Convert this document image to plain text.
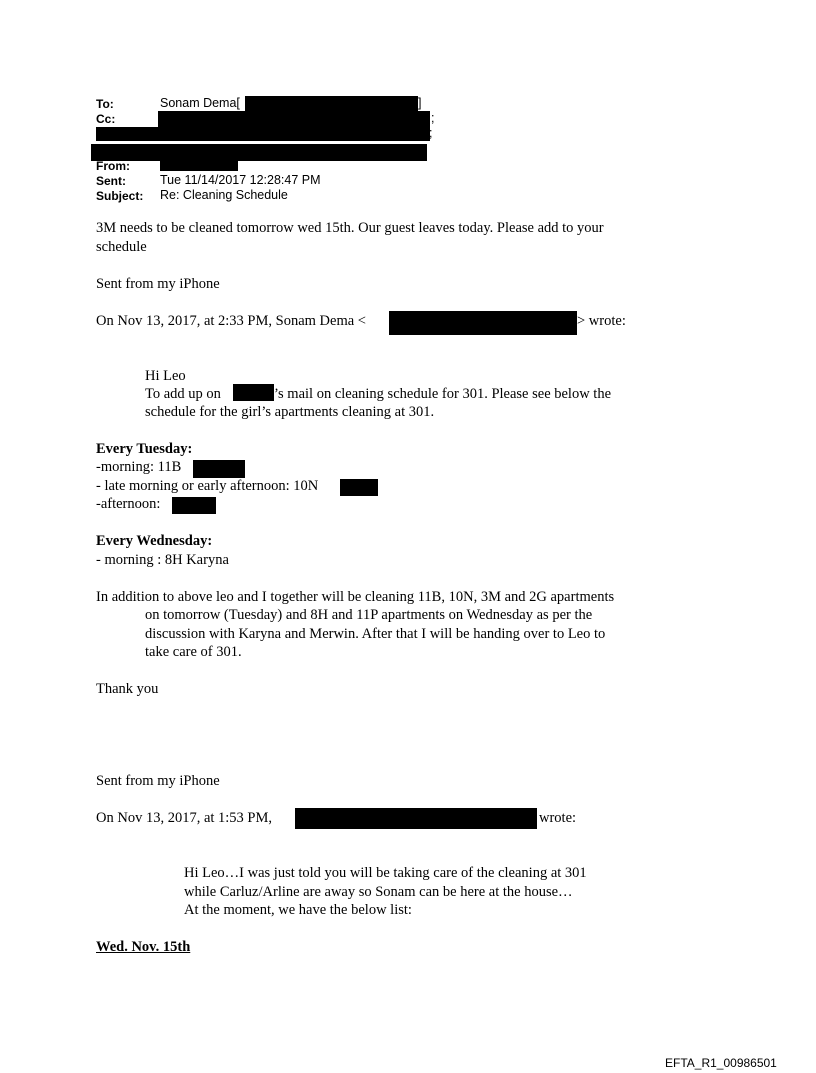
To:	Sonam Dema[	]
Cc:	;
;
From:
Sent:	Tue 11/14/2017 12:28:47 PM
Subject: Re: Cleaning Schedule
3M needs to be cleaned tomorrow wed 15th. Our guest leaves today. Please add to your
schedule
Sent from my iPhone
On Nov 13, 2017, at 2:33 PM, Sonam Dema <	> wrote:
Hi Leo
To add up on	’s mail on cleaning schedule for 301. Please see below the
schedule for the girl’s apartments cleaning at 301.
Every Tuesday:
-morning: 11B
- late morning or early afternoon: 10N
-afternoon:
Every Wednesday:
- morning : 8H Karyna
In addition to above leo and I together will be cleaning 11B, 10N, 3M and 2G apartments
on tomorrow (Tuesday) and 8H and 11P apartments on Wednesday as per the
discussion with Karyna and Merwin. After that I will be handing over to Leo to
take care of 301.
Thank you
Sent from my iPhone
On Nov 13, 2017, at 1:53 PM,	wrote:
Hi Leo…I was just told you will be taking care of the cleaning at 301
while Carluz/Arline are away so Sonam can be here at the house…
At the moment, we have the below list:
Wed. Nov. 15th
EFTA_R1_00986501
